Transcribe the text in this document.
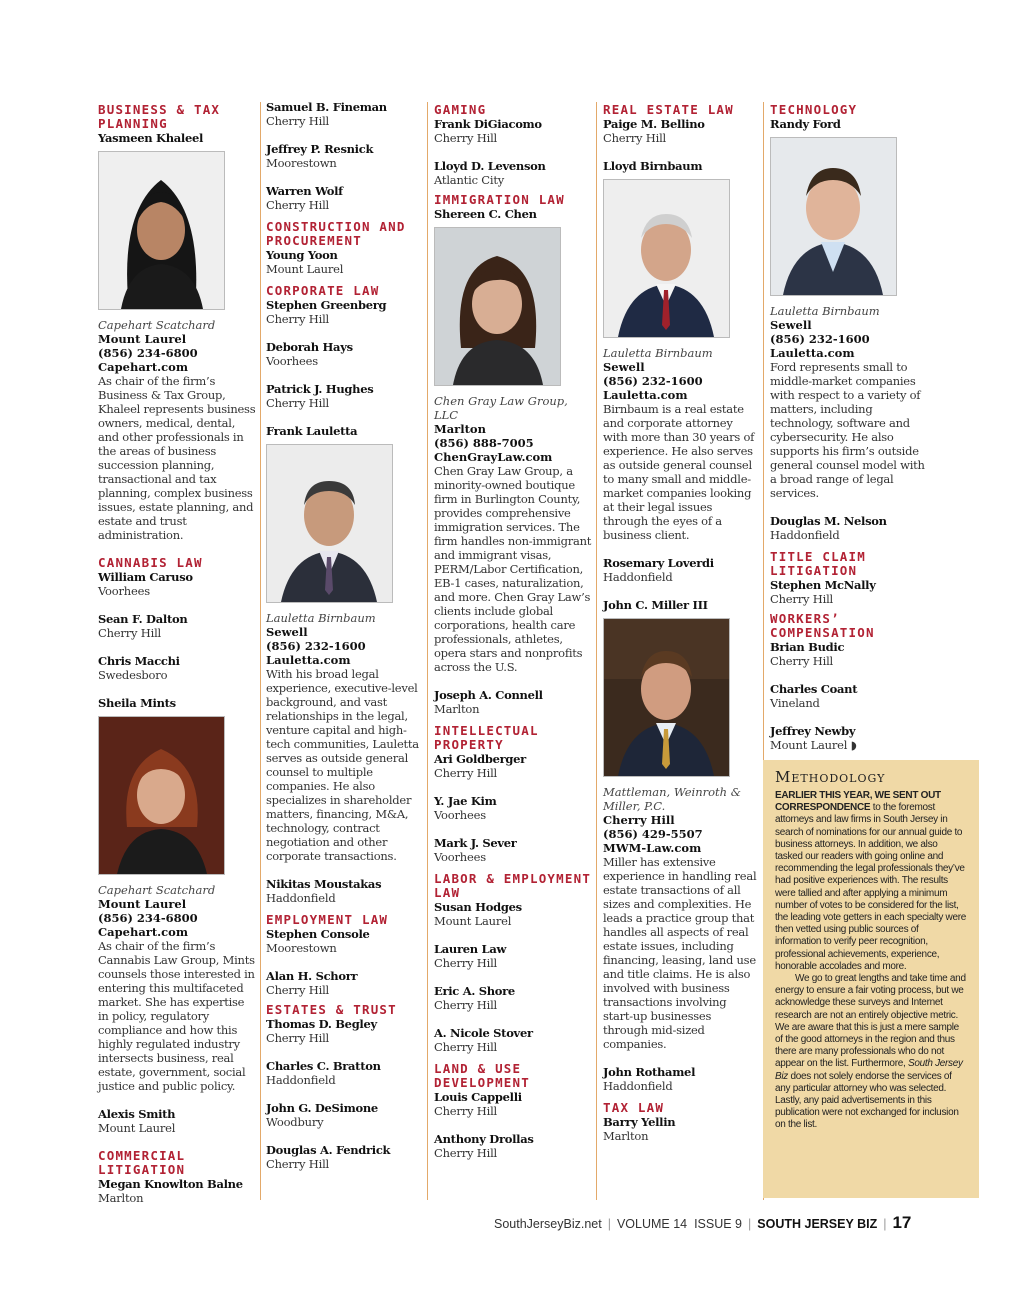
BUSINESS & TAX PLANNING
Yasmeen Khaleel
Capehart Scatchard
Mount Laurel
(856) 234-6800
Capehart.com
As chair of the firm’s Business & Tax Group, Khaleel represents business owners, medical, dental, and other professionals in the areas of business succession planning, transactional and tax planning, complex business issues, estate planning, and estate and trust administration.
CANNABIS LAW
William Caruso
Voorhees
Sean F. Dalton
Cherry Hill
Chris Macchi
Swedesboro
Sheila Mints
Capehart Scatchard
Mount Laurel
(856) 234-6800
Capehart.com
As chair of the firm’s Cannabis Law Group, Mints counsels those interested in entering this multifaceted market. She has expertise in policy, regulatory compliance and how this highly regulated industry intersects business, real estate, government, social justice and public policy.
Alexis Smith
Mount Laurel
COMMERCIAL LITIGATION
Megan Knowlton Balne
Marlton
Samuel B. Fineman
Cherry Hill
Jeffrey P. Resnick
Moorestown
Warren Wolf
Cherry Hill
CONSTRUCTION AND PROCUREMENT
Young Yoon
Mount Laurel
CORPORATE LAW
Stephen Greenberg
Cherry Hill
Deborah Hays
Voorhees
Patrick J. Hughes
Cherry Hill
Frank Lauletta
Lauletta Birnbaum
Sewell
(856) 232-1600
Lauletta.com
With his broad legal experience, executive-level background, and vast relationships in the legal, venture capital and high-tech communities, Lauletta serves as outside general counsel to multiple companies. He also specializes in shareholder matters, financing, M&A, technology, contract negotiation and other corporate transactions.
Nikitas Moustakas
Haddonfield
EMPLOYMENT LAW
Stephen Console
Moorestown
Alan H. Schorr
Cherry Hill
ESTATES & TRUST
Thomas D. Begley
Cherry Hill
Charles C. Bratton
Haddonfield
John G. DeSimone
Woodbury
Douglas A. Fendrick
Cherry Hill
GAMING
Frank DiGiacomo
Cherry Hill
Lloyd D. Levenson
Atlantic City
IMMIGRATION LAW
Shereen C. Chen
Chen Gray Law Group, LLC
Marlton
(856) 888-7005
ChenGrayLaw.com
Chen Gray Law Group, a minority-owned boutique firm in Burlington County, provides comprehensive immigration services. The firm handles non-immigrant and immigrant visas, PERM/Labor Certification, EB-1 cases, naturalization, and more. Chen Gray Law’s clients include global corporations, health care professionals, athletes, opera stars and nonprofits across the U.S.
Joseph A. Connell
Marlton
INTELLECTUAL PROPERTY
Ari Goldberger
Cherry Hill
Y. Jae Kim
Voorhees
Mark J. Sever
Voorhees
LABOR & EMPLOYMENT LAW
Susan Hodges
Mount Laurel
Lauren Law
Cherry Hill
Eric A. Shore
Cherry Hill
A. Nicole Stover
Cherry Hill
LAND & USE DEVELOPMENT
Louis Cappelli
Cherry Hill
Anthony Drollas
Cherry Hill
REAL ESTATE LAW
Paige M. Bellino
Cherry Hill
Lloyd Birnbaum
Lauletta Birnbaum
Sewell
(856) 232-1600
Lauletta.com
Birnbaum is a real estate and corporate attorney with more than 30 years of experience. He also serves as outside general counsel to many small and middle-market companies looking at their legal issues through the eyes of a business client.
Rosemary Loverdi
Haddonfield
John C. Miller III
Mattleman, Weinroth & Miller, P.C.
Cherry Hill
(856) 429-5507
MWM-Law.com
Miller has extensive experience in handling real estate transactions of all sizes and complexities. He leads a practice group that handles all aspects of real estate issues, including financing, leasing, land use and title claims. He is also involved with business transactions involving start-up businesses through mid-sized companies.
John Rothamel
Haddonfield
TAX LAW
Barry Yellin
Marlton
TECHNOLOGY
Randy Ford
Lauletta Birnbaum
Sewell
(856) 232-1600
Lauletta.com
Ford represents small to middle-market companies with respect to a variety of matters, including technology, software and cybersecurity. He also supports his firm’s outside general counsel model with a broad range of legal services.
Douglas M. Nelson
Haddonfield
TITLE CLAIM LITIGATION
Stephen McNally
Cherry Hill
WORKERS’ COMPENSATION
Brian Budic
Cherry Hill
Charles Coant
Vineland
Jeffrey Newby
Mount Laurel ◗
Methodology
EARLIER THIS YEAR, WE SENT OUT CORRESPONDENCE to the foremost attorneys and law firms in South Jersey in search of nominations for our annual guide to business attorneys. In addition, we also tasked our readers with going online and recommending the legal professionals they’ve had positive experiences with. The results were tallied and after applying a minimum number of votes to be considered for the list, the leading vote getters in each specialty were then vetted using public sources of information to verify peer recognition, professional achievements, experience, honorable accolades and more.
We go to great lengths and take time and energy to ensure a fair voting process, but we acknowledge these surveys and Internet research are not an entirely objective metric. We are aware that this is just a mere sample of the good attorneys in the region and thus there are many professionals who do not appear on the list. Furthermore, South Jersey Biz does not solely endorse the services of any particular attorney who was selected. Lastly, any paid advertisements in this publication were not exchanged for inclusion on the list.
SouthJerseyBiz.net | VOLUME 14  ISSUE 9 | SOUTH JERSEY BIZ | 17
